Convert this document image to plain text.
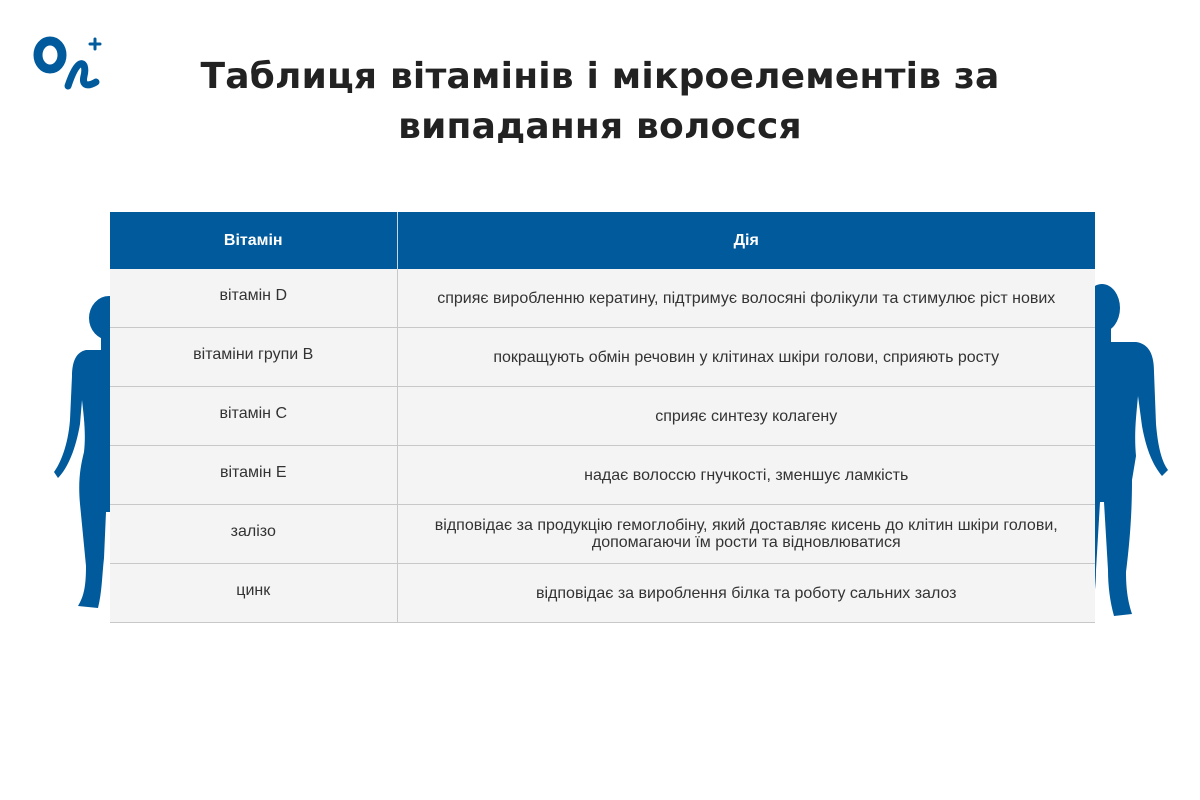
Таблиця вітамінів і мікроелементів за випадання волосся
Вітамін	Дія
вітамін D	сприяє виробленню кератину, підтримує волосяні фолікули та стимулює ріст нових
вітаміни групи В	покращують обмін речовин у клітинах шкіри голови, сприяють росту
вітамін С	сприяє синтезу колагену
вітамін Е	надає волоссю гнучкості, зменшує ламкість
залізо	відповідає за продукцію гемоглобіну, який доставляє кисень до клітин шкіри голови, допомагаючи їм рости та відновлюватися
цинк	відповідає за вироблення білка та роботу сальних залоз
